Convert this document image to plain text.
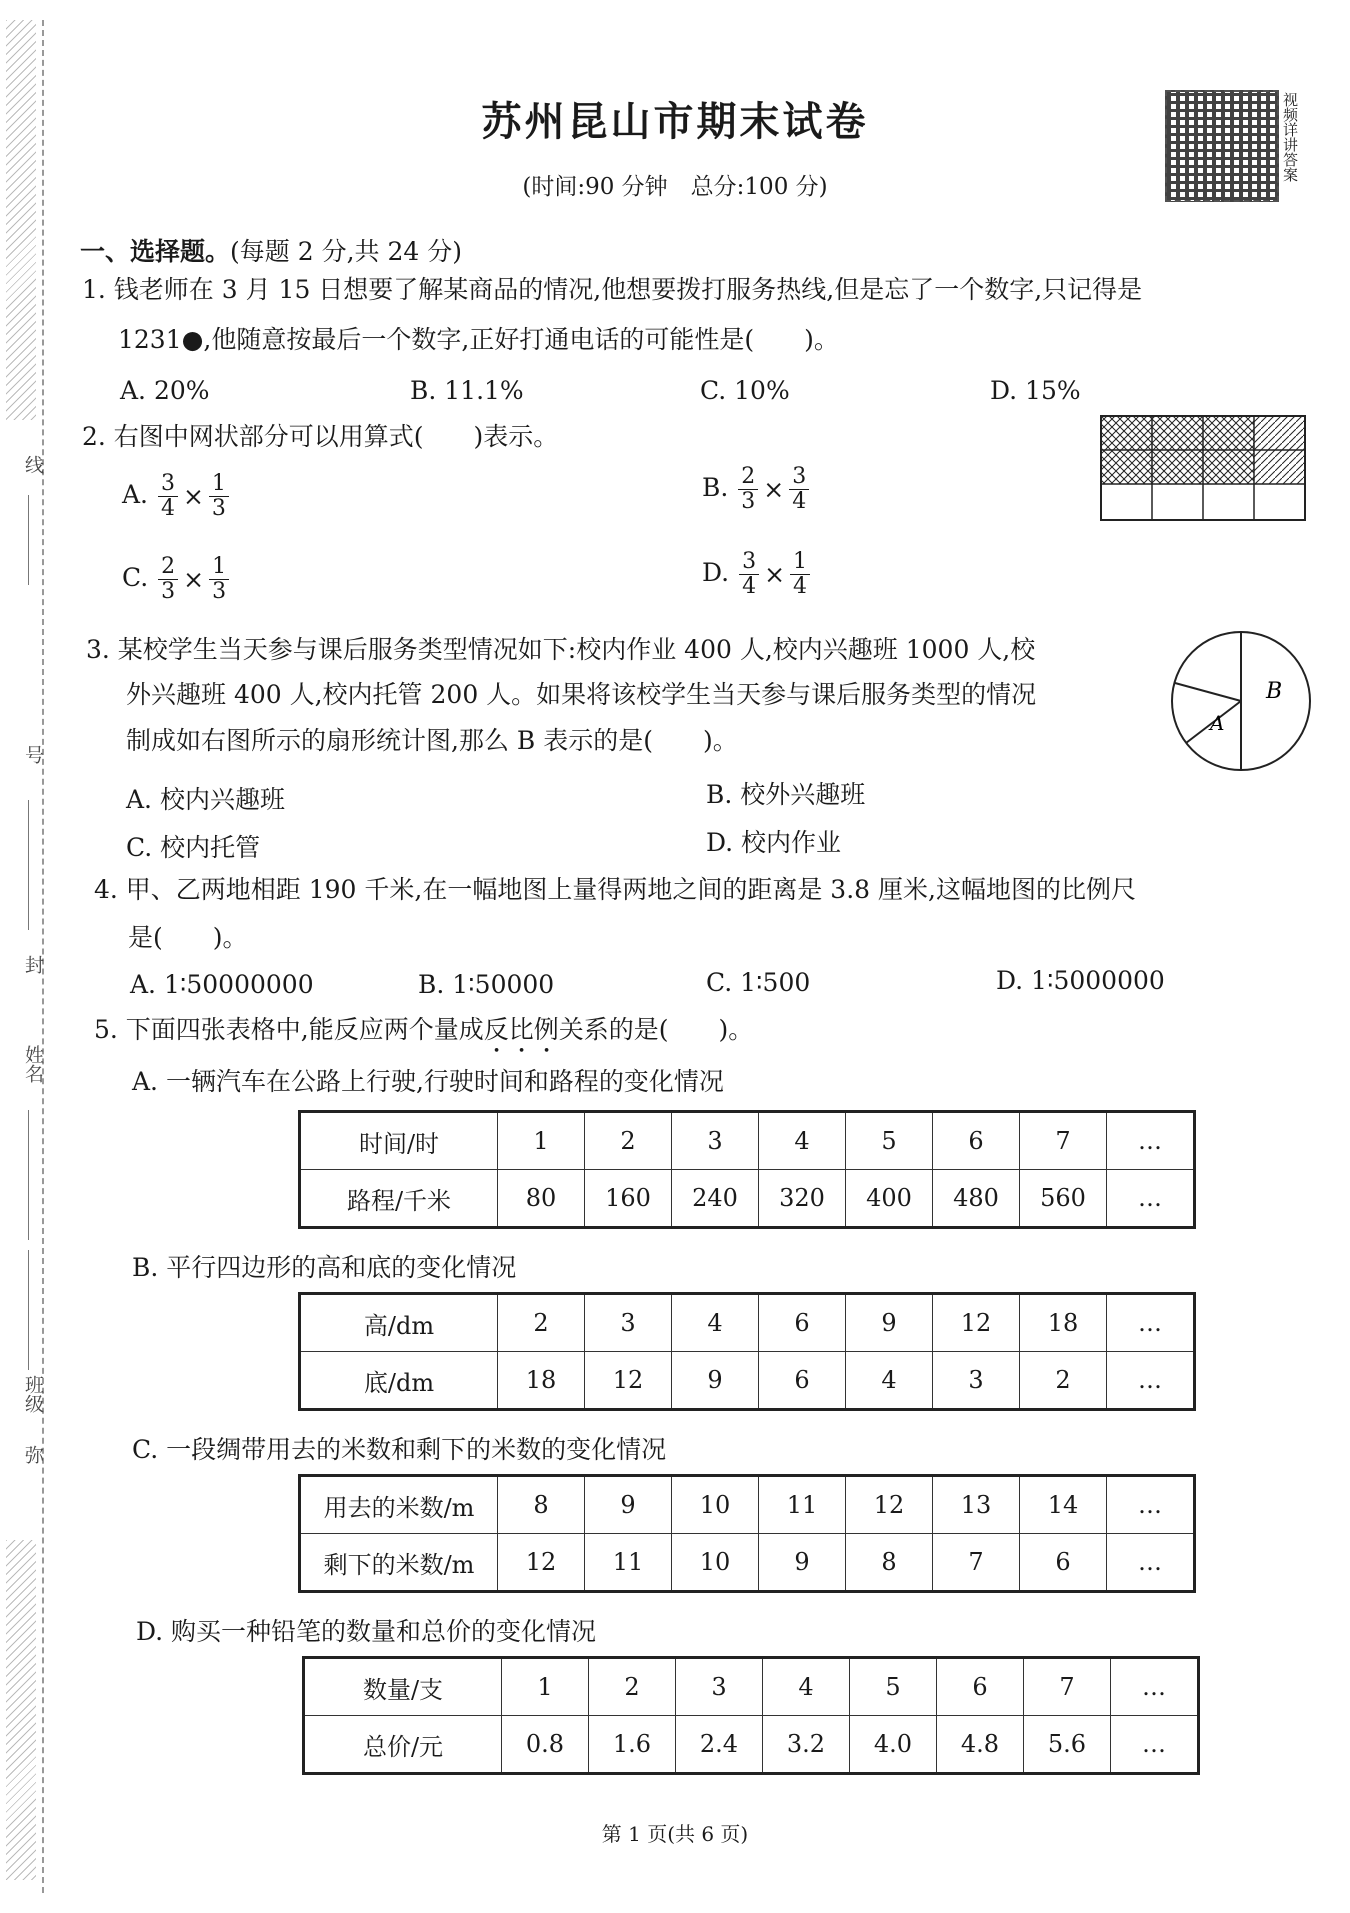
线
号
封
姓名
班级
弥
苏州昆山市期末试卷
(时间:90 分钟　总分:100 分)
视频详讲答案
一、选择题。(每题 2 分,共 24 分)
1. 钱老师在 3 月 15 日想要了解某商品的情况,他想要拨打服务热线,但是忘了一个数字,只记得是
1231●,他随意按最后一个数字,正好打通电话的可能性是(　　)。
A. 20%	B. 11.1%	C. 10%	D. 15%
2. 右图中网状部分可以用算式(　　)表示。
A. $\frac{3}{4} \times \frac{1}{3}$	B. $\frac{2}{3} \times \frac{3}{4}$
C. $\frac{2}{3} \times \frac{1}{3}$	D. $\frac{3}{4} \times \frac{1}{4}$
3. 某校学生当天参与课后服务类型情况如下:校内作业 400 人,校内兴趣班 1000 人,校
外兴趣班 400 人,校内托管 200 人。如果将该校学生当天参与课后服务类型的情况
制成如右图所示的扇形统计图,那么 B 表示的是(　　)。
A. 校内兴趣班	B. 校外兴趣班
C. 校内托管	D. 校内作业
B
A
4. 甲、乙两地相距 190 千米,在一幅地图上量得两地之间的距离是 3.8 厘米,这幅地图的比例尺
是(　　)。
A. 1∶50000000	B. 1∶50000	C. 1∶500	D. 1∶5000000
5. 下面四张表格中,能反应两个量成反比例关系的是(　　)。
A. 一辆汽车在公路上行驶,行驶时间和路程的变化情况
时间/时	1	2	3	4	5	6	7	…
路程/千米	80	160	240	320	400	480	560	…
B. 平行四边形的高和底的变化情况
高/dm	2	3	4	6	9	12	18	…
底/dm	18	12	9	6	4	3	2	…
C. 一段绸带用去的米数和剩下的米数的变化情况
用去的米数/m	8	9	10	11	12	13	14	…
剩下的米数/m	12	11	10	9	8	7	6	…
D. 购买一种铅笔的数量和总价的变化情况
数量/支	1	2	3	4	5	6	7	…
总价/元	0.8	1.6	2.4	3.2	4.0	4.8	5.6	…
第 1 页(共 6 页)
